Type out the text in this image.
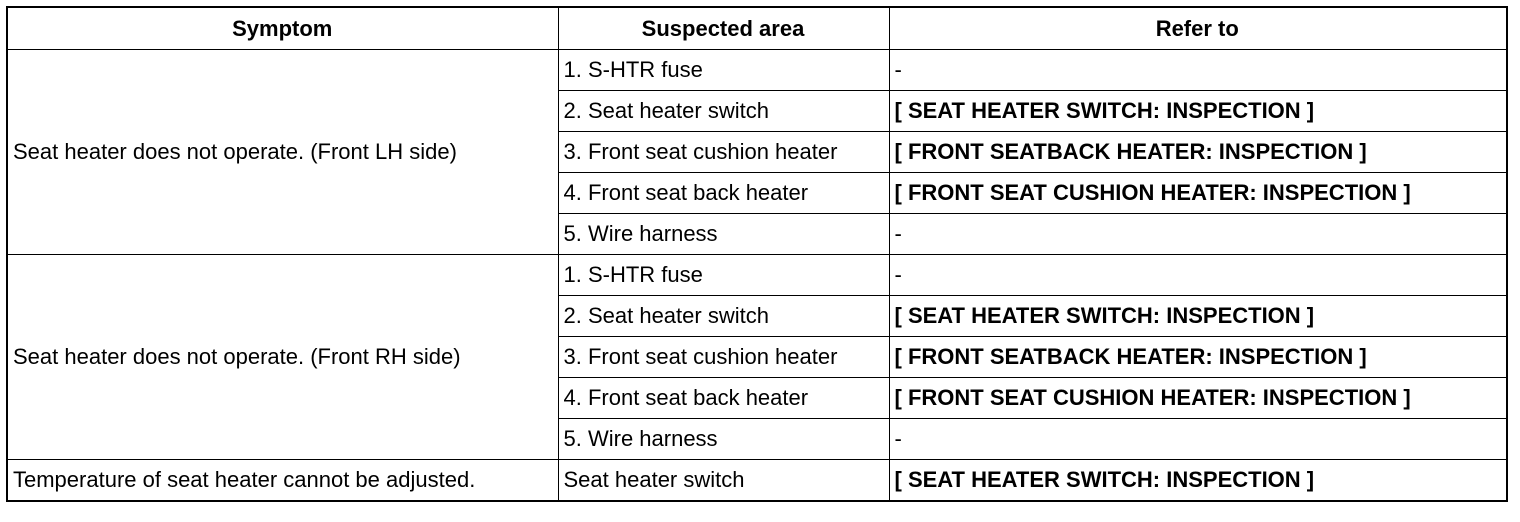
Symptom	Suspected area	Refer to
Seat heater does not operate. (Front LH side)	1. S-HTR fuse	-
	2. Seat heater switch	[ SEAT HEATER SWITCH: INSPECTION ]
	3. Front seat cushion heater	[ FRONT SEATBACK HEATER: INSPECTION ]
	4. Front seat back heater	[ FRONT SEAT CUSHION HEATER: INSPECTION ]
	5. Wire harness	-
Seat heater does not operate. (Front RH side)	1. S-HTR fuse	-
	2. Seat heater switch	[ SEAT HEATER SWITCH: INSPECTION ]
	3. Front seat cushion heater	[ FRONT SEATBACK HEATER: INSPECTION ]
	4. Front seat back heater	[ FRONT SEAT CUSHION HEATER: INSPECTION ]
	5. Wire harness	-
Temperature of seat heater cannot be adjusted.	Seat heater switch	[ SEAT HEATER SWITCH: INSPECTION ]
